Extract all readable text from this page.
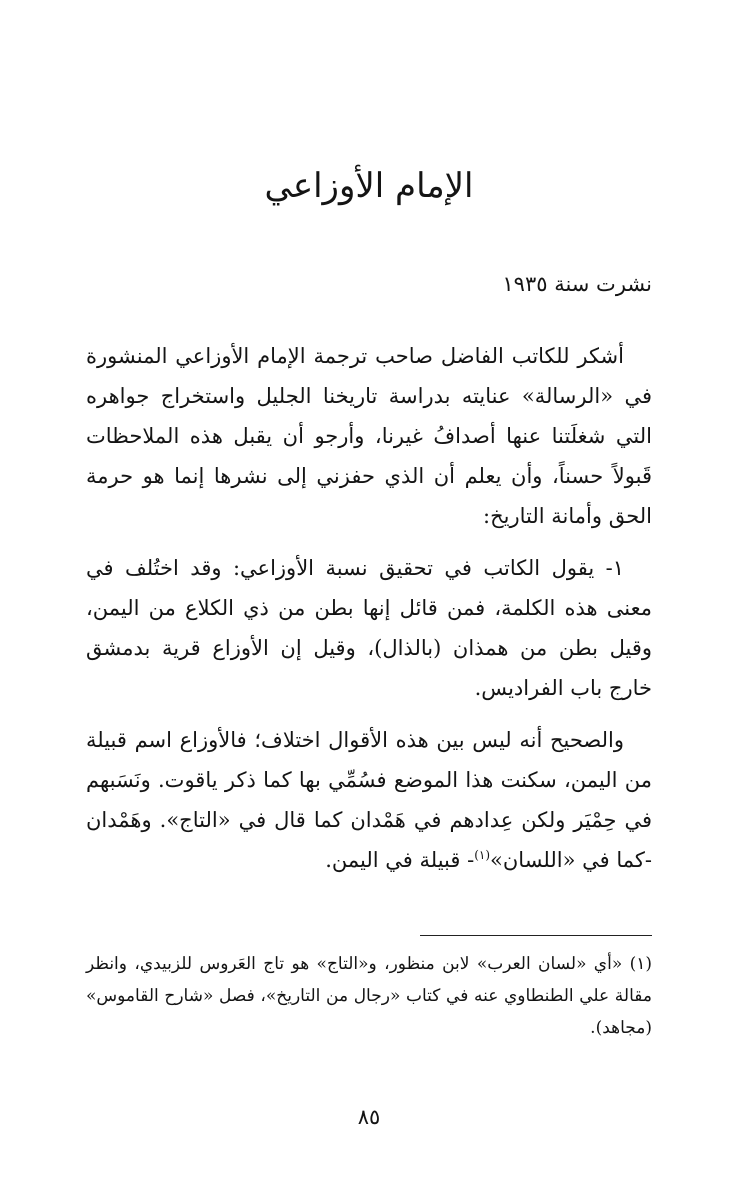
الإمام الأوزاعي
نشرت سنة ١٩٣٥

أشكر للكاتب الفاضل صاحب ترجمة الإمام الأوزاعي المنشورة في «الرسالة» عنايته بدراسة تاريخنا الجليل واستخراج جواهره التي شغلَتنا عنها أصدافُ غيرنا، وأرجو أن يقبل هذه الملاحظات قَبولاً حسناً، وأن يعلم أن الذي حفزني إلى نشرها إنما هو حرمة الحق وأمانة التاريخ:

١- يقول الكاتب في تحقيق نسبة الأوزاعي: وقد اختُلف في معنى هذه الكلمة، فمن قائل إنها بطن من ذي الكلاع من اليمن، وقيل بطن من همذان (بالذال)، وقيل إن الأوزاع قرية بدمشق خارج باب الفراديس.

والصحيح أنه ليس بين هذه الأقوال اختلاف؛ فالأوزاع اسم قبيلة من اليمن، سكنت هذا الموضع فسُمِّي بها كما ذكر ياقوت. ونَسَبهم في حِمْيَر ولكن عِدادهم في هَمْدان كما قال في «التاج». وهَمْدان -كما في «اللسان»$^{(١)}$- قبيلة في اليمن.

(١) «أي «لسان العرب» لابن منظور، و«التاج» هو تاج العَروس للزبيدي، وانظر مقالة علي الطنطاوي عنه في كتاب «رجال من التاريخ»، فصل «شارح القاموس» (مجاهد).

٨٥
